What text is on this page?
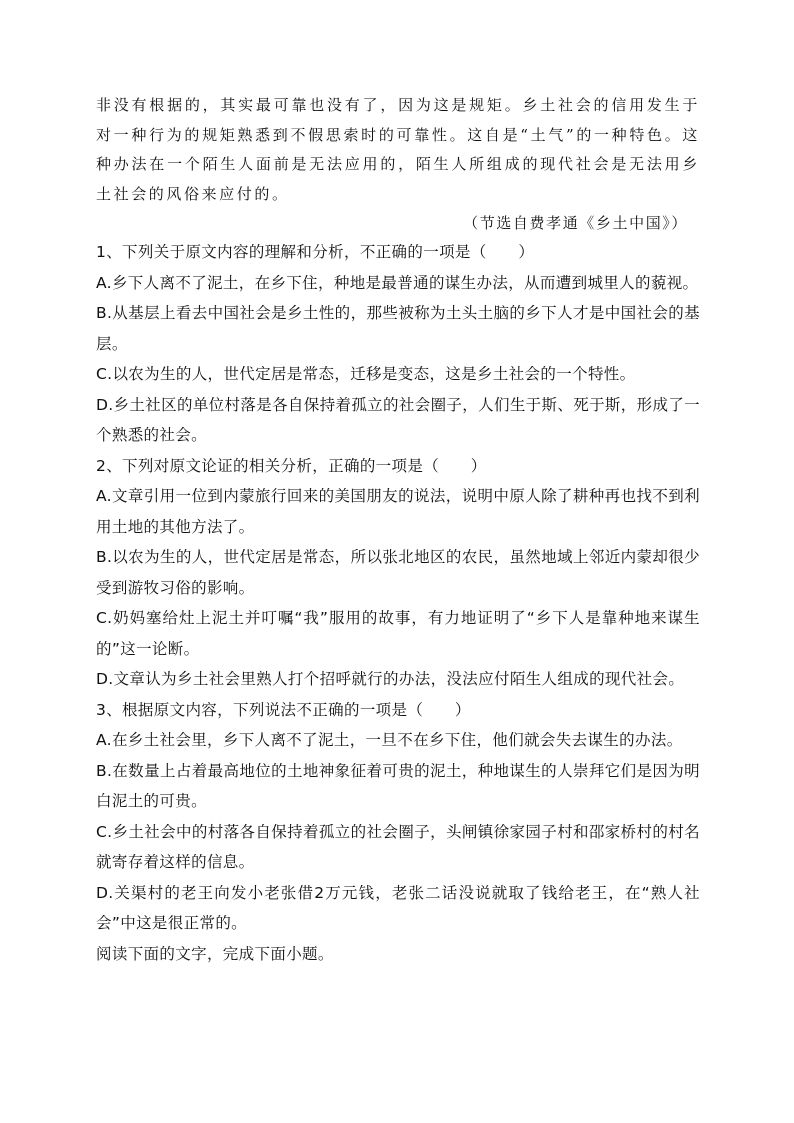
非没有根据的，其实最可靠也没有了，因为这是规矩。乡土社会的信用发生于对一种行为的规矩熟悉到不假思索时的可靠性。这自是“土气”的一种特色。这种办法在一个陌生人面前是无法应用的，陌生人所组成的现代社会是无法用乡土社会的风俗来应付的。

（节选自费孝通《乡土中国》）

1、下列关于原文内容的理解和分析，不正确的一项是（　　）

A.乡下人离不了泥土，在乡下住，种地是最普通的谋生办法，从而遭到城里人的藐视。

B.从基层上看去中国社会是乡土性的，那些被称为土头土脑的乡下人才是中国社会的基层。

C.以农为生的人，世代定居是常态，迁移是变态，这是乡土社会的一个特性。

D.乡土社区的单位村落是各自保持着孤立的社会圈子，人们生于斯、死于斯，形成了一个熟悉的社会。

2、下列对原文论证的相关分析，正确的一项是（　　）

A.文章引用一位到内蒙旅行回来的美国朋友的说法，说明中原人除了耕种再也找不到利用土地的其他方法了。

B.以农为生的人，世代定居是常态，所以张北地区的农民，虽然地域上邻近内蒙却很少受到游牧习俗的影响。

C.奶妈塞给灶上泥土并叮嘱“我”服用的故事，有力地证明了“乡下人是靠种地来谋生的”这一论断。

D.文章认为乡土社会里熟人打个招呼就行的办法，没法应付陌生人组成的现代社会。

3、根据原文内容，下列说法不正确的一项是（　　）

A.在乡土社会里，乡下人离不了泥土，一旦不在乡下住，他们就会失去谋生的办法。

B.在数量上占着最高地位的土地神象征着可贵的泥土，种地谋生的人崇拜它们是因为明白泥土的可贵。

C.乡土社会中的村落各自保持着孤立的社会圈子，头闸镇徐家园子村和邵家桥村的村名就寄存着这样的信息。

D.关渠村的老王向发小老张借2万元钱，老张二话没说就取了钱给老王，在“熟人社会”中这是很正常的。

阅读下面的文字，完成下面小题。
